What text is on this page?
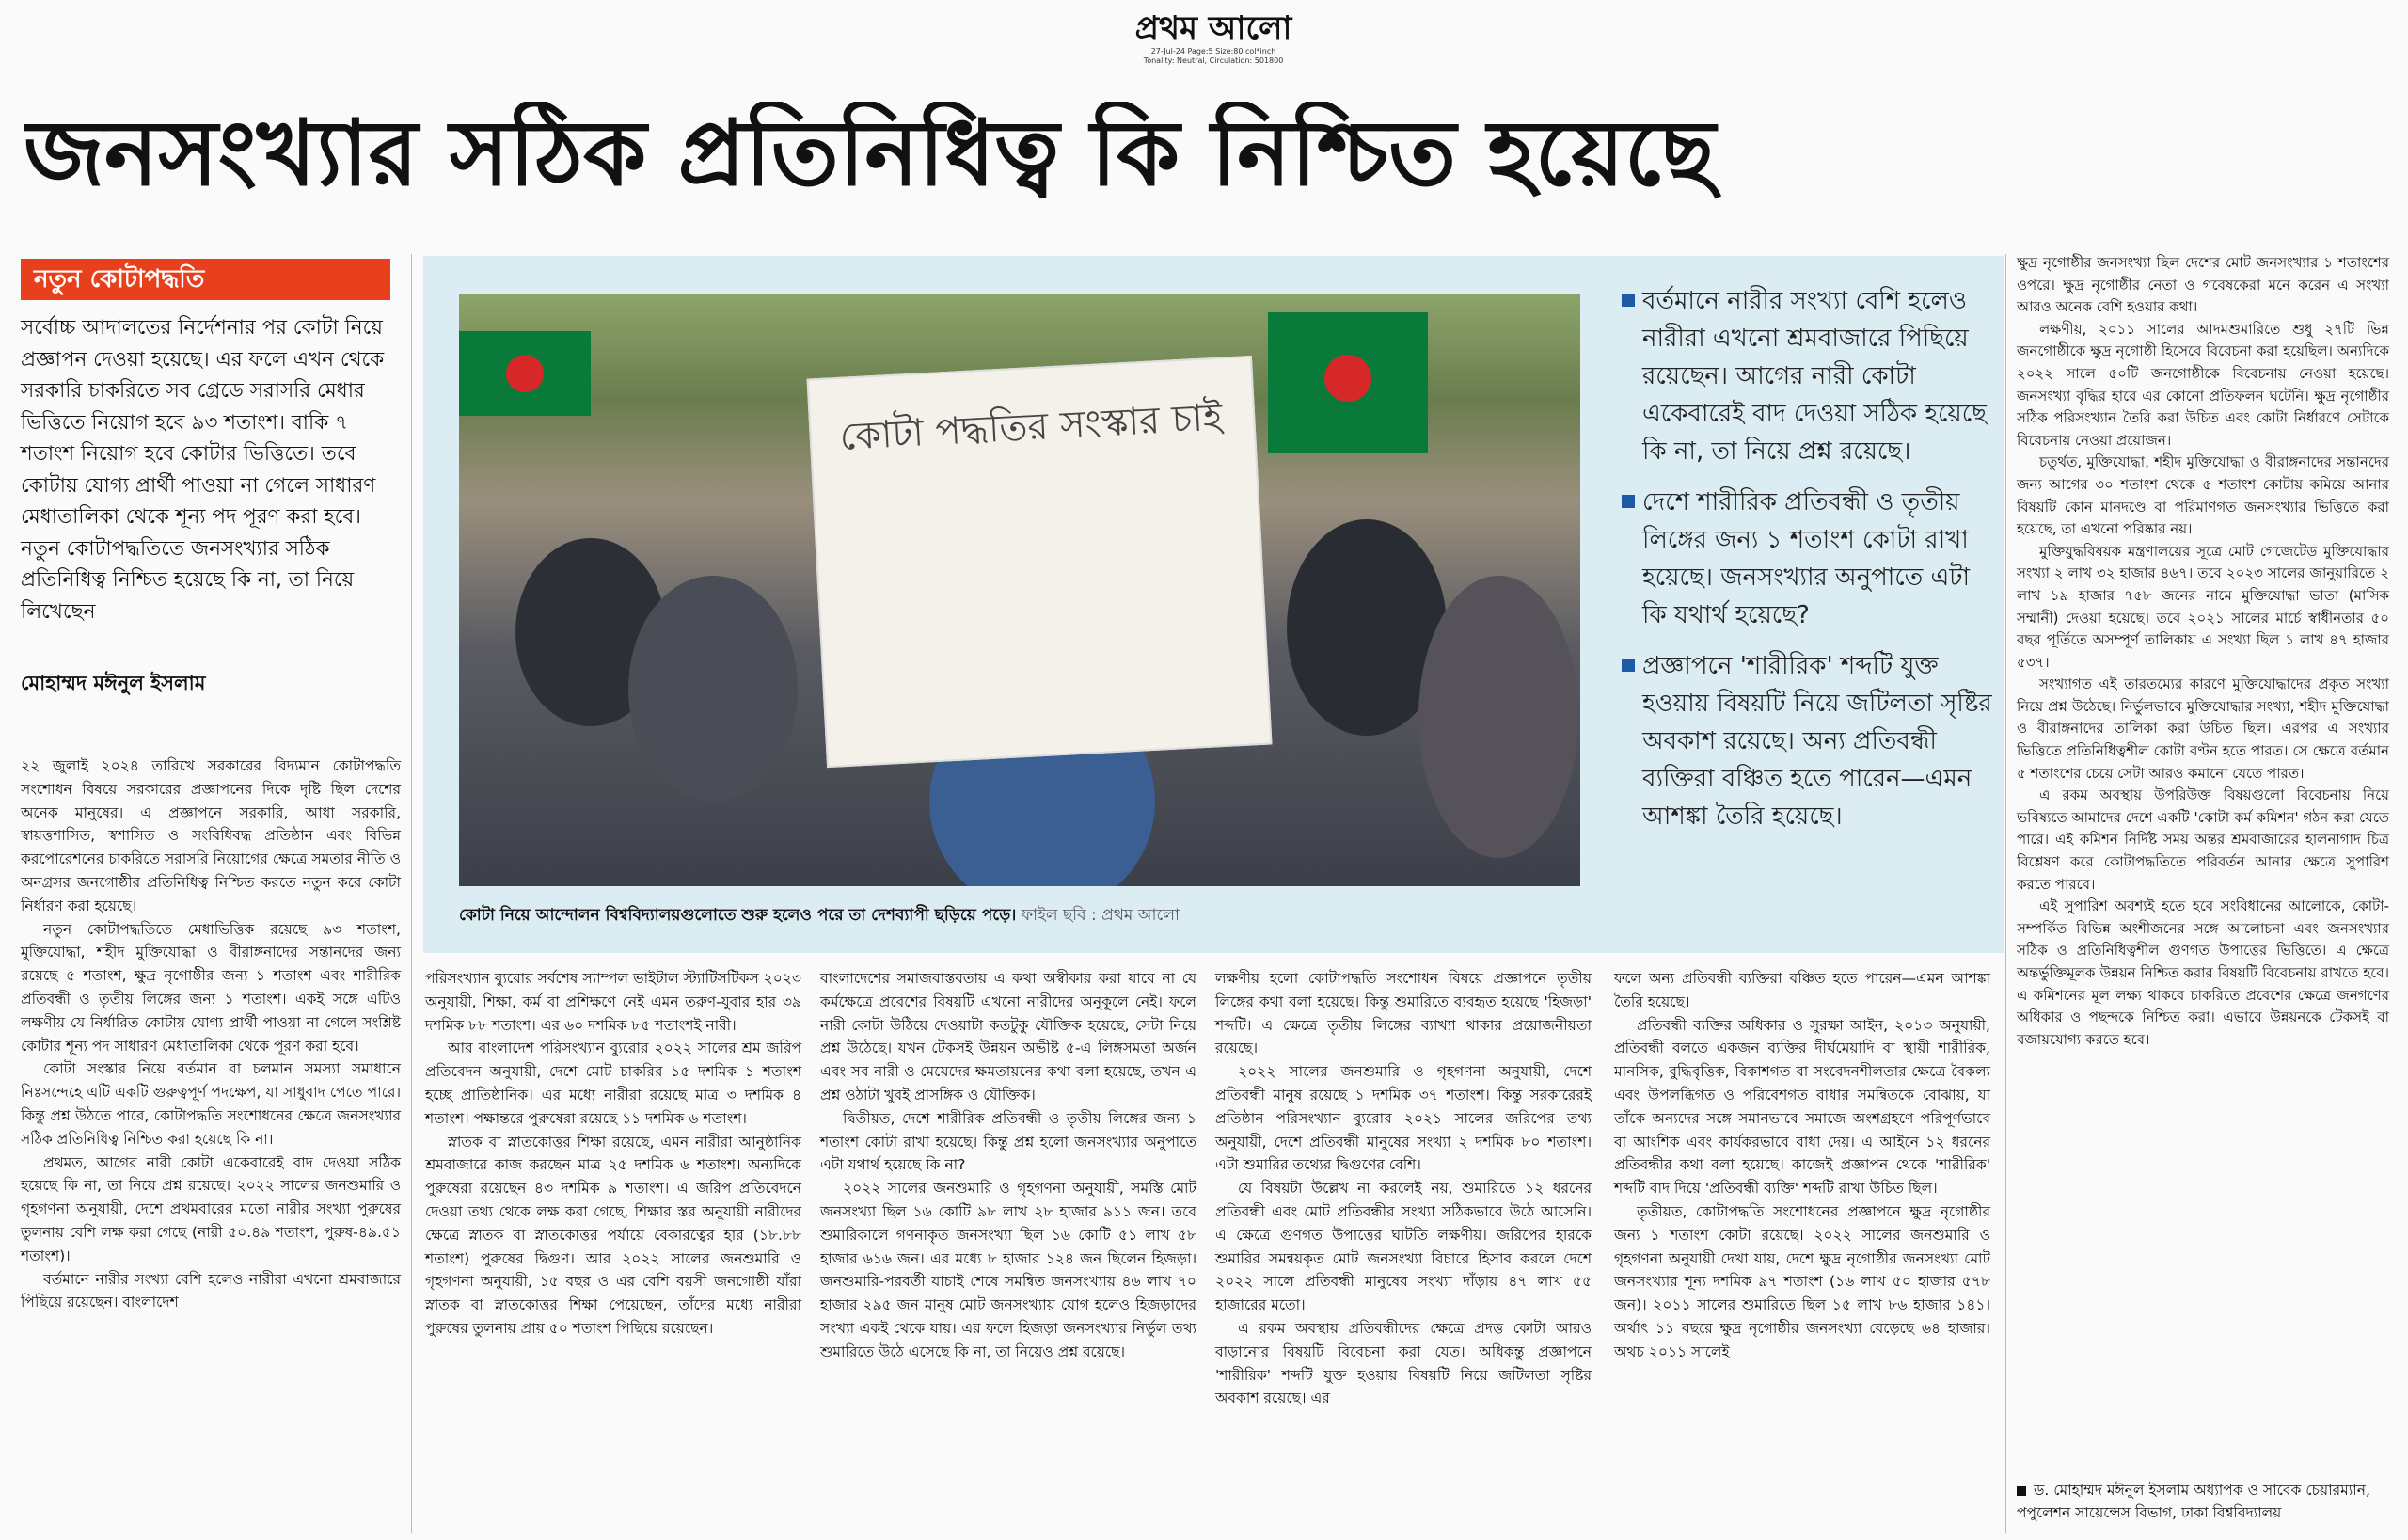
প্রথম আলো
27-Jul-24 Page:5 Size:80 col*inch
Tonality: Neutral, Circulation: 501800
জনসংখ্যার সঠিক প্রতিনিধিত্ব কি নিশ্চিত হয়েছে
নতুন কোটাপদ্ধতি
সর্বোচ্চ আদালতের নির্দেশনার পর কোটা নিয়ে প্রজ্ঞাপন দেওয়া হয়েছে। এর ফলে এখন থেকে সরকারি চাকরিতে সব গ্রেডে সরাসরি মেধার ভিত্তিতে নিয়োগ হবে ৯৩ শতাংশ। বাকি ৭ শতাংশ নিয়োগ হবে কোটার ভিত্তিতে। তবে কোটায় যোগ্য প্রার্থী পাওয়া না গেলে সাধারণ মেধাতালিকা থেকে শূন্য পদ পূরণ করা হবে। নতুন কোটাপদ্ধতিতে জনসংখ্যার সঠিক প্রতিনিধিত্ব নিশ্চিত হয়েছে কি না, তা নিয়ে লিখেছেন
মোহাম্মদ মঈনুল ইসলাম
কোটা পদ্ধতির সংস্কার চাই
কোটা নিয়ে আন্দোলন বিশ্ববিদ্যালয়গুলোতে শুরু হলেও পরে তা দেশব্যাপী ছড়িয়ে পড়ে। ফাইল ছবি : প্রথম আলো
বর্তমানে নারীর সংখ্যা বেশি হলেও নারীরা এখনো শ্রমবাজারে পিছিয়ে রয়েছেন। আগের নারী কোটা একেবারেই বাদ দেওয়া সঠিক হয়েছে কি না, তা নিয়ে প্রশ্ন রয়েছে।
দেশে শারীরিক প্রতিবন্ধী ও তৃতীয় লিঙ্গের জন্য ১ শতাংশ কোটা রাখা হয়েছে। জনসংখ্যার অনুপাতে এটা কি যথার্থ হয়েছে?
প্রজ্ঞাপনে 'শারীরিক' শব্দটি যুক্ত হওয়ায় বিষয়টি নিয়ে জটিলতা সৃষ্টির অবকাশ রয়েছে। অন্য প্রতিবন্ধী ব্যক্তিরা বঞ্চিত হতে পারেন—এমন আশঙ্কা তৈরি হয়েছে।

২২ জুলাই ২০২৪ তারিখে সরকারের বিদ্যমান কোটাপদ্ধতি সংশোধন বিষয়ে সরকারের প্রজ্ঞাপনের দিকে দৃষ্টি ছিল দেশের অনেক মানুষের। এ প্রজ্ঞাপনে সরকারি, আধা সরকারি, স্বায়ত্তশাসিত, স্বশাসিত ও সংবিধিবদ্ধ প্রতিষ্ঠান এবং বিভিন্ন করপোরেশনের চাকরিতে সরাসরি নিয়োগের ক্ষেত্রে সমতার নীতি ও অনগ্রসর জনগোষ্ঠীর প্রতিনিধিত্ব নিশ্চিত করতে নতুন করে কোটা নির্ধারণ করা হয়েছে।

নতুন কোটাপদ্ধতিতে মেধাভিত্তিক রয়েছে ৯৩ শতাংশ, মুক্তিযোদ্ধা, শহীদ মুক্তিযোদ্ধা ও বীরাঙ্গনাদের সন্তানদের জন্য রয়েছে ৫ শতাংশ, ক্ষুদ্র নৃগোষ্ঠীর জন্য ১ শতাংশ এবং শারীরিক প্রতিবন্ধী ও তৃতীয় লিঙ্গের জন্য ১ শতাংশ। একই সঙ্গে এটিও লক্ষণীয় যে নির্ধারিত কোটায় যোগ্য প্রার্থী পাওয়া না গেলে সংশ্লিষ্ট কোটার শূন্য পদ সাধারণ মেধাতালিকা থেকে পূরণ করা হবে।

কোটা সংস্কার নিয়ে বর্তমান বা চলমান সমস্যা সমাধানে নিঃসন্দেহে এটি একটি গুরুত্বপূর্ণ পদক্ষেপ, যা সাধুবাদ পেতে পারে। কিন্তু প্রশ্ন উঠতে পারে, কোটাপদ্ধতি সংশোধনের ক্ষেত্রে জনসংখ্যার সঠিক প্রতিনিধিত্ব নিশ্চিত করা হয়েছে কি না।

প্রথমত, আগের নারী কোটা একেবারেই বাদ দেওয়া সঠিক হয়েছে কি না, তা নিয়ে প্রশ্ন রয়েছে। ২০২২ সালের জনশুমারি ও গৃহগণনা অনুযায়ী, দেশে প্রথমবারের মতো নারীর সংখ্যা পুরুষের তুলনায় বেশি লক্ষ করা গেছে (নারী ৫০.৪৯ শতাংশ, পুরুষ-৪৯.৫১ শতাংশ)।

বর্তমানে নারীর সংখ্যা বেশি হলেও নারীরা এখনো শ্রমবাজারে পিছিয়ে রয়েছেন। বাংলাদেশ

পরিসংখ্যান ব্যুরোর সর্বশেষ স্যাম্পল ভাইটাল স্ট্যাটিসটিকস ২০২৩ অনুযায়ী, শিক্ষা, কর্ম বা প্রশিক্ষণে নেই এমন তরুণ-যুবার হার ৩৯ দশমিক ৮৮ শতাংশ। এর ৬০ দশমিক ৮৫ শতাংশই নারী।

আর বাংলাদেশ পরিসংখ্যান ব্যুরোর ২০২২ সালের শ্রম জরিপ প্রতিবেদন অনুযায়ী, দেশে মোট চাকরির ১৫ দশমিক ১ শতাংশ হচ্ছে প্রাতিষ্ঠানিক। এর মধ্যে নারীরা রয়েছে মাত্র ৩ দশমিক ৪ শতাংশ। পক্ষান্তরে পুরুষেরা রয়েছে ১১ দশমিক ৬ শতাংশ।

স্নাতক বা স্নাতকোত্তর শিক্ষা রয়েছে, এমন নারীরা আনুষ্ঠানিক শ্রমবাজারে কাজ করছেন মাত্র ২৫ দশমিক ৬ শতাংশ। অন্যদিকে পুরুষেরা রয়েছেন ৪৩ দশমিক ৯ শতাংশ। এ জরিপ প্রতিবেদনে দেওয়া তথ্য থেকে লক্ষ করা গেছে, শিক্ষার স্তর অনুযায়ী নারীদের ক্ষেত্রে স্নাতক বা স্নাতকোত্তর পর্যায়ে বেকারত্বের হার (১৮.৮৮ শতাংশ) পুরুষের দ্বিগুণ। আর ২০২২ সালের জনশুমারি ও গৃহগণনা অনুযায়ী, ১৫ বছর ও এর বেশি বয়সী জনগোষ্ঠী যাঁরা স্নাতক বা স্নাতকোত্তর শিক্ষা পেয়েছেন, তাঁদের মধ্যে নারীরা পুরুষের তুলনায় প্রায় ৫০ শতাংশ পিছিয়ে রয়েছেন।

বাংলাদেশের সমাজবাস্তবতায় এ কথা অস্বীকার করা যাবে না যে কর্মক্ষেত্রে প্রবেশের বিষয়টি এখনো নারীদের অনুকূলে নেই। ফলে নারী কোটা উঠিয়ে দেওয়াটা কতটুকু যৌক্তিক হয়েছে, সেটা নিয়ে প্রশ্ন উঠেছে। যখন টেকসই উন্নয়ন অভীষ্ট ৫-এ লিঙ্গসমতা অর্জন এবং সব নারী ও মেয়েদের ক্ষমতায়নের কথা বলা হয়েছে, তখন এ প্রশ্ন ওঠাটা খুবই প্রাসঙ্গিক ও যৌক্তিক।

দ্বিতীয়ত, দেশে শারীরিক প্রতিবন্ধী ও তৃতীয় লিঙ্গের জন্য ১ শতাংশ কোটা রাখা হয়েছে। কিন্তু প্রশ্ন হলো জনসংখ্যার অনুপাতে এটা যথার্থ হয়েছে কি না?

২০২২ সালের জনশুমারি ও গৃহগণনা অনুযায়ী, সমস্তি মোট জনসংখ্যা ছিল ১৬ কোটি ৯৮ লাখ ২৮ হাজার ৯১১ জন। তবে শুমারিকালে গণনাকৃত জনসংখ্যা ছিল ১৬ কোটি ৫১ লাখ ৫৮ হাজার ৬১৬ জন। এর মধ্যে ৮ হাজার ১২৪ জন ছিলেন হিজড়া। জনশুমারি-পরবর্তী যাচাই শেষে সমন্বিত জনসংখ্যায় ৪৬ লাখ ৭০ হাজার ২৯৫ জন মানুষ মোট জনসংখ্যায় যোগ হলেও হিজড়াদের সংখ্যা একই থেকে যায়। এর ফলে হিজড়া জনসংখ্যার নির্ভুল তথ্য শুমারিতে উঠে এসেছে কি না, তা নিয়েও প্রশ্ন রয়েছে।

লক্ষণীয় হলো কোটাপদ্ধতি সংশোধন বিষয়ে প্রজ্ঞাপনে তৃতীয় লিঙ্গের কথা বলা হয়েছে। কিন্তু শুমারিতে ব্যবহৃত হয়েছে 'হিজড়া' শব্দটি। এ ক্ষেত্রে তৃতীয় লিঙ্গের ব্যাখ্যা থাকার প্রয়োজনীয়তা রয়েছে।

২০২২ সালের জনশুমারি ও গৃহগণনা অনুযায়ী, দেশে প্রতিবন্ধী মানুষ রয়েছে ১ দশমিক ৩৭ শতাংশ। কিন্তু সরকারেরই প্রতিষ্ঠান পরিসংখ্যান ব্যুরোর ২০২১ সালের জরিপের তথ্য অনুযায়ী, দেশে প্রতিবন্ধী মানুষের সংখ্যা ২ দশমিক ৮০ শতাংশ। এটা শুমারির তথ্যের দ্বিগুণের বেশি।

যে বিষয়টা উল্লেখ না করলেই নয়, শুমারিতে ১২ ধরনের প্রতিবন্ধী এবং মোট প্রতিবন্ধীর সংখ্যা সঠিকভাবে উঠে আসেনি। এ ক্ষেত্রে গুণগত উপাত্তের ঘাটতি লক্ষণীয়। জরিপের হারকে শুমারির সমন্বয়কৃত মোট জনসংখ্যা বিচারে হিসাব করলে দেশে ২০২২ সালে প্রতিবন্ধী মানুষের সংখ্যা দাঁড়ায় ৪৭ লাখ ৫৫ হাজারের মতো।

এ রকম অবস্থায় প্রতিবন্ধীদের ক্ষেত্রে প্রদত্ত কোটা আরও বাড়ানোর বিষয়টি বিবেচনা করা যেত। অধিকন্তু প্রজ্ঞাপনে 'শারীরিক' শব্দটি যুক্ত হওয়ায় বিষয়টি নিয়ে জটিলতা সৃষ্টির অবকাশ রয়েছে। এর

ফলে অন্য প্রতিবন্ধী ব্যক্তিরা বঞ্চিত হতে পারেন—এমন আশঙ্কা তৈরি হয়েছে।

প্রতিবন্ধী ব্যক্তির অধিকার ও সুরক্ষা আইন, ২০১৩ অনুযায়ী, প্রতিবন্ধী বলতে একজন ব্যক্তির দীর্ঘমেয়াদি বা স্থায়ী শারীরিক, মানসিক, বুদ্ধিবৃত্তিক, বিকাশগত বা সংবেদনশীলতার ক্ষেত্রে বৈকল্য এবং উপলব্ধিগত ও পরিবেশগত বাধার সমন্বিতকে বোঝায়, যা তাঁকে অন্যদের সঙ্গে সমানভাবে সমাজে অংশগ্রহণে পরিপূর্ণভাবে বা আংশিক এবং কার্যকরভাবে বাধা দেয়। এ আইনে ১২ ধরনের প্রতিবন্ধীর কথা বলা হয়েছে। কাজেই প্রজ্ঞাপন থেকে 'শারীরিক' শব্দটি বাদ দিয়ে 'প্রতিবন্ধী ব্যক্তি' শব্দটি রাখা উচিত ছিল।

তৃতীয়ত, কোটাপদ্ধতি সংশোধনের প্রজ্ঞাপনে ক্ষুদ্র নৃগোষ্ঠীর জন্য ১ শতাংশ কোটা রয়েছে। ২০২২ সালের জনশুমারি ও গৃহগণনা অনুযায়ী দেখা যায়, দেশে ক্ষুদ্র নৃগোষ্ঠীর জনসংখ্যা মোট জনসংখ্যার শূন্য দশমিক ৯৭ শতাংশ (১৬ লাখ ৫০ হাজার ৫৭৮ জন)। ২০১১ সালের শুমারিতে ছিল ১৫ লাখ ৮৬ হাজার ১৪১। অর্থাৎ ১১ বছরে ক্ষুদ্র নৃগোষ্ঠীর জনসংখ্যা বেড়েছে ৬৪ হাজার। অথচ ২০১১ সালেই

ক্ষুদ্র নৃগোষ্ঠীর জনসংখ্যা ছিল দেশের মোট জনসংখ্যার ১ শতাংশের ওপরে। ক্ষুদ্র নৃগোষ্ঠীর নেতা ও গবেষকেরা মনে করেন এ সংখ্যা আরও অনেক বেশি হওয়ার কথা।

লক্ষণীয়, ২০১১ সালের আদমশুমারিতে শুধু ২৭টি ভিন্ন জনগোষ্ঠীকে ক্ষুদ্র নৃগোষ্ঠী হিসেবে বিবেচনা করা হয়েছিল। অন্যদিকে ২০২২ সালে ৫০টি জনগোষ্ঠীকে বিবেচনায় নেওয়া হয়েছে। জনসংখ্যা বৃদ্ধির হারে এর কোনো প্রতিফলন ঘটেনি। ক্ষুদ্র নৃগোষ্ঠীর সঠিক পরিসংখ্যান তৈরি করা উচিত এবং কোটা নির্ধারণে সেটাকে বিবেচনায় নেওয়া প্রয়োজন।

চতুর্থত, মুক্তিযোদ্ধা, শহীদ মুক্তিযোদ্ধা ও বীরাঙ্গনাদের সন্তানদের জন্য আগের ৩০ শতাংশ থেকে ৫ শতাংশ কোটায় কমিয়ে আনার বিষয়টি কোন মানদণ্ডে বা পরিমাণগত জনসংখ্যার ভিত্তিতে করা হয়েছে, তা এখনো পরিষ্কার নয়।

মুক্তিযুদ্ধবিষয়ক মন্ত্রণালয়ের সূত্রে মোট গেজেটেড মুক্তিযোদ্ধার সংখ্যা ২ লাখ ৩২ হাজার ৪৬৭। তবে ২০২৩ সালের জানুয়ারিতে ২ লাখ ১৯ হাজার ৭৫৮ জনের নামে মুক্তিযোদ্ধা ভাতা (মাসিক সম্মানী) দেওয়া হয়েছে। তবে ২০২১ সালের মার্চে স্বাধীনতার ৫০ বছর পূর্তিতে অসম্পূর্ণ তালিকায় এ সংখ্যা ছিল ১ লাখ ৪৭ হাজার ৫৩৭।

সংখ্যাগত এই তারতম্যের কারণে মুক্তিযোদ্ধাদের প্রকৃত সংখ্যা নিয়ে প্রশ্ন উঠেছে। নির্ভুলভাবে মুক্তিযোদ্ধার সংখ্যা, শহীদ মুক্তিযোদ্ধা ও বীরাঙ্গনাদের তালিকা করা উচিত ছিল। এরপর এ সংখ্যার ভিত্তিতে প্রতিনিধিত্বশীল কোটা বণ্টন হতে পারত। সে ক্ষেত্রে বর্তমান ৫ শতাংশের চেয়ে সেটা আরও কমানো যেতে পারত।

এ রকম অবস্থায় উপরিউক্ত বিষয়গুলো বিবেচনায় নিয়ে ভবিষ্যতে আমাদের দেশে একটি 'কোটা কর্ম কমিশন' গঠন করা যেতে পারে। এই কমিশন নির্দিষ্ট সময় অন্তর শ্রমবাজারের হালনাগাদ চিত্র বিশ্লেষণ করে কোটাপদ্ধতিতে পরিবর্তন আনার ক্ষেত্রে সুপারিশ করতে পারবে।

এই সুপারিশ অবশ্যই হতে হবে সংবিধানের আলোকে, কোটা-সম্পর্কিত বিভিন্ন অংশীজনের সঙ্গে আলোচনা এবং জনসংখ্যার সঠিক ও প্রতিনিধিত্বশীল গুণগত উপাত্তের ভিত্তিতে। এ ক্ষেত্রে অন্তর্ভুক্তিমূলক উন্নয়ন নিশ্চিত করার বিষয়টি বিবেচনায় রাখতে হবে। এ কমিশনের মূল লক্ষ্য থাকবে চাকরিতে প্রবেশের ক্ষেত্রে জনগণের অধিকার ও পছন্দকে নিশ্চিত করা। এভাবে উন্নয়নকে টেকসই বা বজায়যোগ্য করতে হবে।

ড. মোহাম্মদ মঈনুল ইসলাম অধ্যাপক ও সাবেক চেয়ারম্যান, পপুলেশন সায়েন্সেস বিভাগ, ঢাকা বিশ্ববিদ্যালয়
